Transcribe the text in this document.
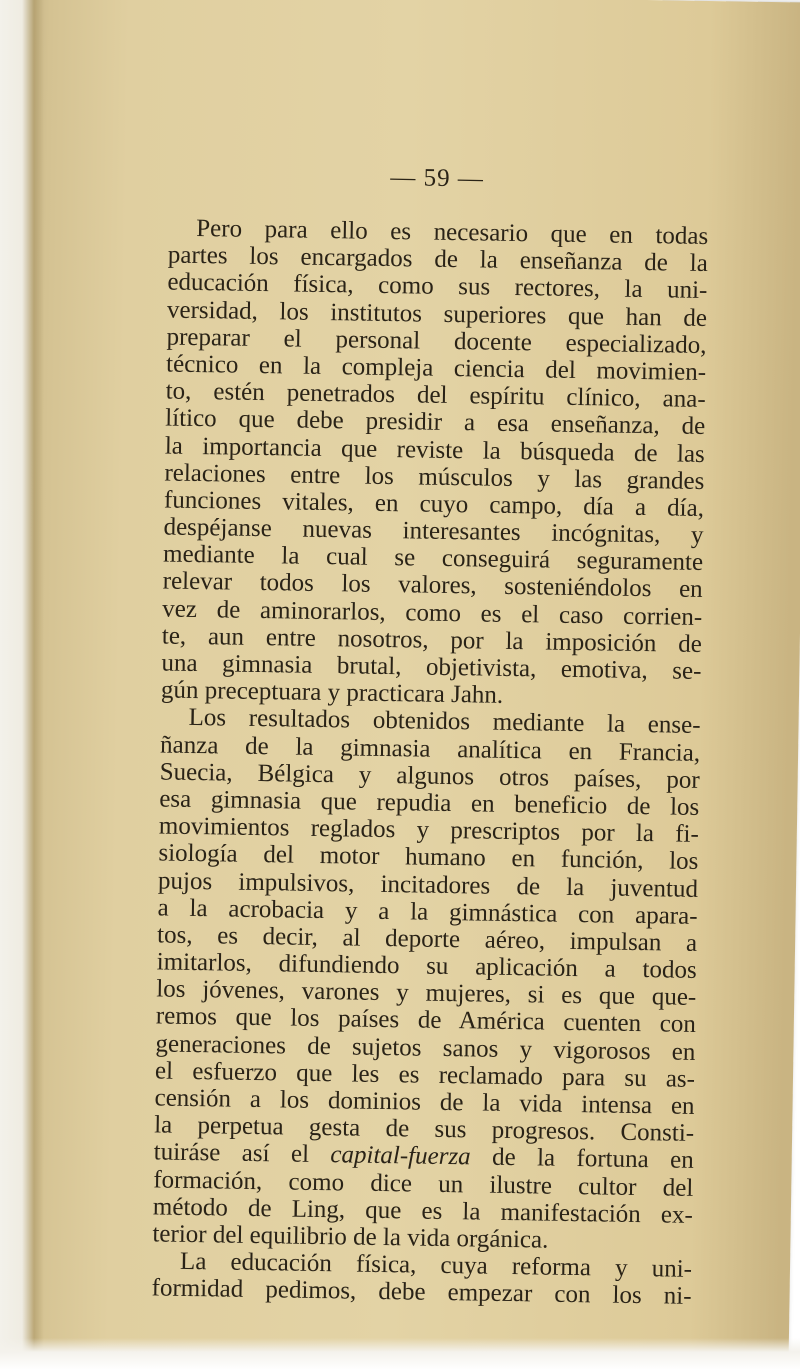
— 59 —
Pero para ello es necesario que en todas
partes los encargados de la enseñanza de la
educación física, como sus rectores, la uni-
versidad, los institutos superiores que han de
preparar el personal docente especializado,
técnico en la compleja ciencia del movimien-
to, estén penetrados del espíritu clínico, ana-
lítico que debe presidir a esa enseñanza, de
la importancia que reviste la búsqueda de las
relaciones entre los músculos y las grandes
funciones vitales, en cuyo campo, día a día,
despéjanse nuevas interesantes incógnitas, y
mediante la cual se conseguirá seguramente
relevar todos los valores, sosteniéndolos en
vez de aminorarlos, como es el caso corrien-
te, aun entre nosotros, por la imposición de
una gimnasia brutal, objetivista, emotiva, se-
gún preceptuara y practicara Jahn.
Los resultados obtenidos mediante la ense-
ñanza de la gimnasia analítica en Francia,
Suecia, Bélgica y algunos otros países, por
esa gimnasia que repudia en beneficio de los
movimientos reglados y prescriptos por la fi-
siología del motor humano en función, los
pujos impulsivos, incitadores de la juventud
a la acrobacia y a la gimnástica con apara-
tos, es decir, al deporte aéreo, impulsan a
imitarlos, difundiendo su aplicación a todos
los jóvenes, varones y mujeres, si es que que-
remos que los países de América cuenten con
generaciones de sujetos sanos y vigorosos en
el esfuerzo que les es reclamado para su as-
censión a los dominios de la vida intensa en
la perpetua gesta de sus progresos. Consti-
tuiráse así el capital-fuerza de la fortuna en
formación, como dice un ilustre cultor del
método de Ling, que es la manifestación ex-
terior del equilibrio de la vida orgánica.
La educación física, cuya reforma y uni-
formidad pedimos, debe empezar con los ni-
